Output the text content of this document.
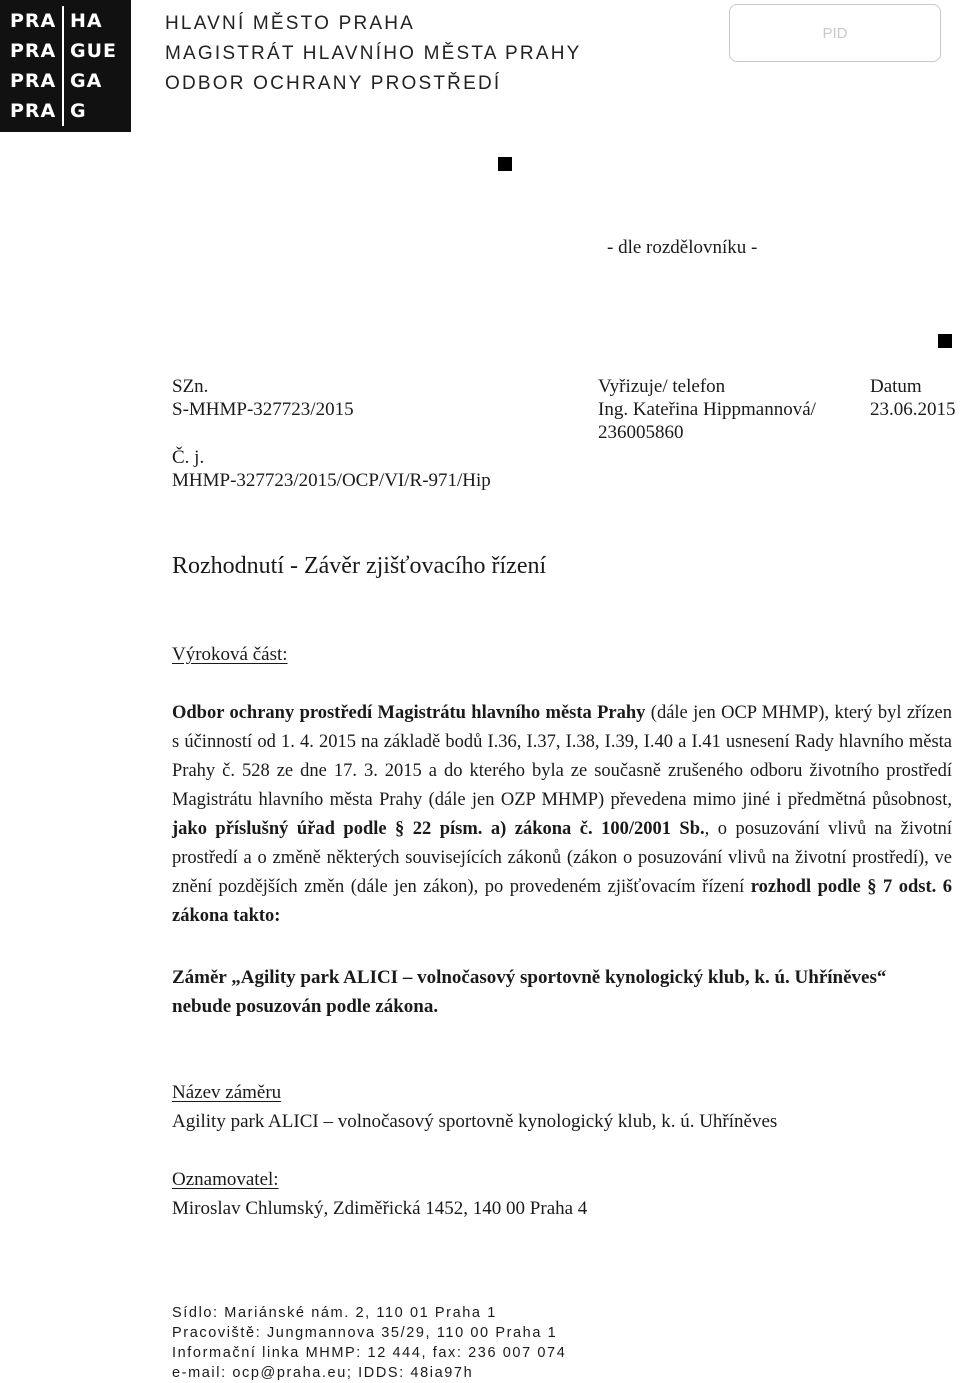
PRA HA
PRA GUE
PRA GA
PRA G
HLAVNÍ MĚSTO PRAHA
MAGISTRÁT HLAVNÍHO MĚSTA PRAHY
ODBOR OCHRANY PROSTŘEDÍ
PID
- dle rozdělovníku -
SZn.
S-MHMP-327723/2015
Č. j.
MHMP-327723/2015/OCP/VI/R-971/Hip
Vyřizuje/ telefon
Ing. Kateřina Hippmannová/
236005860
Datum
23.06.2015
Rozhodnutí - Závěr zjišťovacího řízení
Výroková část:
Odbor ochrany prostředí Magistrátu hlavního města Prahy (dále jen OCP MHMP), který byl zřízen s účinností od 1. 4. 2015 na základě bodů I.36, I.37, I.38, I.39, I.40 a I.41 usnesení Rady hlavního města Prahy č. 528 ze dne 17. 3. 2015 a do kterého byla ze současně zrušeného odboru životního prostředí Magistrátu hlavního města Prahy (dále jen OZP MHMP) převedena mimo jiné i předmětná působnost, jako příslušný úřad podle § 22 písm. a) zákona č. 100/2001 Sb., o posuzování vlivů na životní prostředí a o změně některých souvisejících zákonů (zákon o posuzování vlivů na životní prostředí), ve znění pozdějších změn (dále jen zákon), po provedeném zjišťovacím řízení rozhodl podle § 7 odst. 6 zákona takto:
Záměr „Agility park ALICI – volnočasový sportovně kynologický klub, k. ú. Uhříněves“
nebude posuzován podle zákona.
Název záměru
Agility park ALICI – volnočasový sportovně kynologický klub, k. ú. Uhříněves
Oznamovatel:
Miroslav Chlumský, Zdiměřická 1452, 140 00 Praha 4
Sídlo: Mariánské nám. 2, 110 01 Praha 1
Pracoviště: Jungmannova 35/29, 110 00 Praha 1
Informační linka MHMP: 12 444, fax: 236 007 074
e-mail: ocp@praha.eu; IDDS: 48ia97h
